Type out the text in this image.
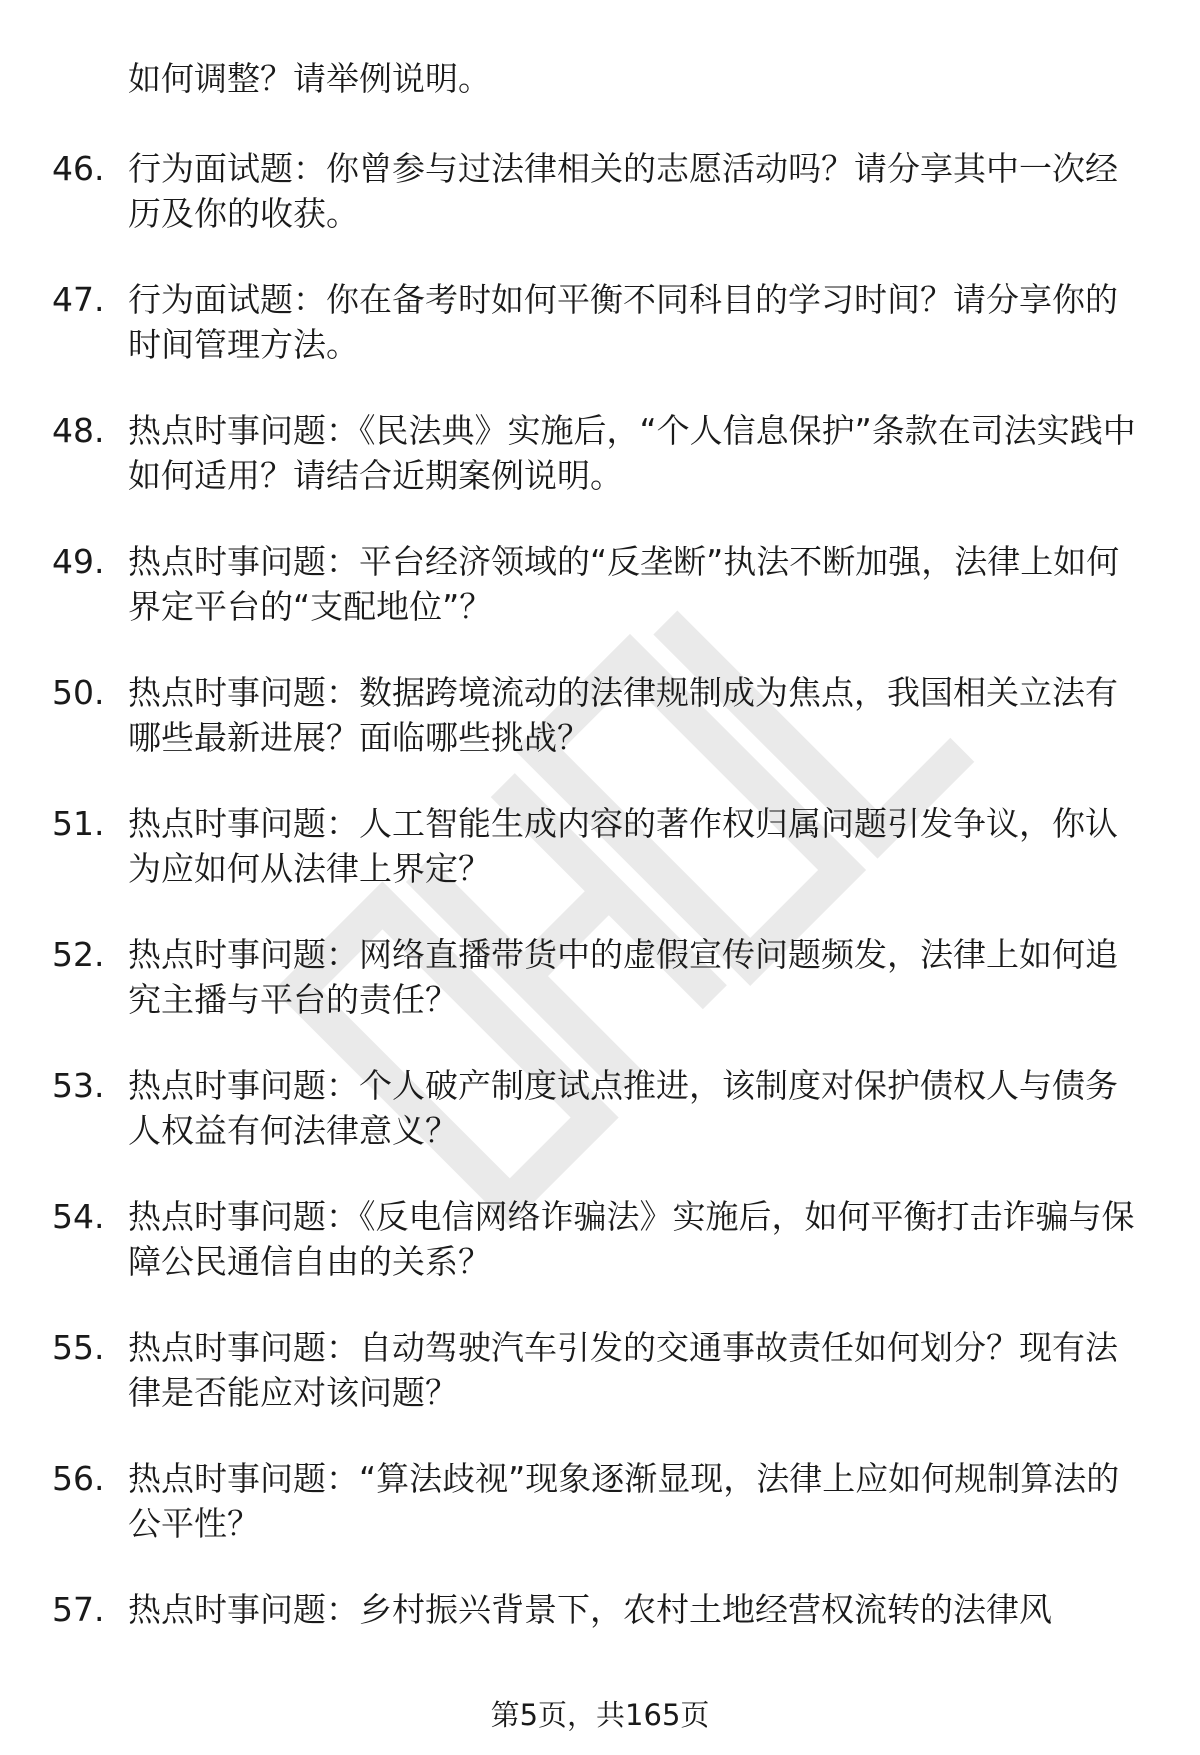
如何调整？请举例说明。
46. 行为面试题：你曾参与过法律相关的志愿活动吗？请分享其中一次经历及你的收获。
47. 行为面试题：你在备考时如何平衡不同科目的学习时间？请分享你的时间管理方法。
48. 热点时事问题：《民法典》实施后，“个人信息保护”条款在司法实践中如何适用？请结合近期案例说明。
49. 热点时事问题：平台经济领域的“反垄断”执法不断加强，法律上如何界定平台的“支配地位”？
50. 热点时事问题：数据跨境流动的法律规制成为焦点，我国相关立法有哪些最新进展？面临哪些挑战？
51. 热点时事问题：人工智能生成内容的著作权归属问题引发争议，你认为应如何从法律上界定？
52. 热点时事问题：网络直播带货中的虚假宣传问题频发，法律上如何追究主播与平台的责任？
53. 热点时事问题：个人破产制度试点推进，该制度对保护债权人与债务人权益有何法律意义？
54. 热点时事问题：《反电信网络诈骗法》实施后，如何平衡打击诈骗与保障公民通信自由的关系？
55. 热点时事问题：自动驾驶汽车引发的交通事故责任如何划分？现有法律是否能应对该问题？
56. 热点时事问题：“算法歧视”现象逐渐显现，法律上应如何规制算法的公平性？
57. 热点时事问题：乡村振兴背景下，农村土地经营权流转的法律风
第5页，共165页
